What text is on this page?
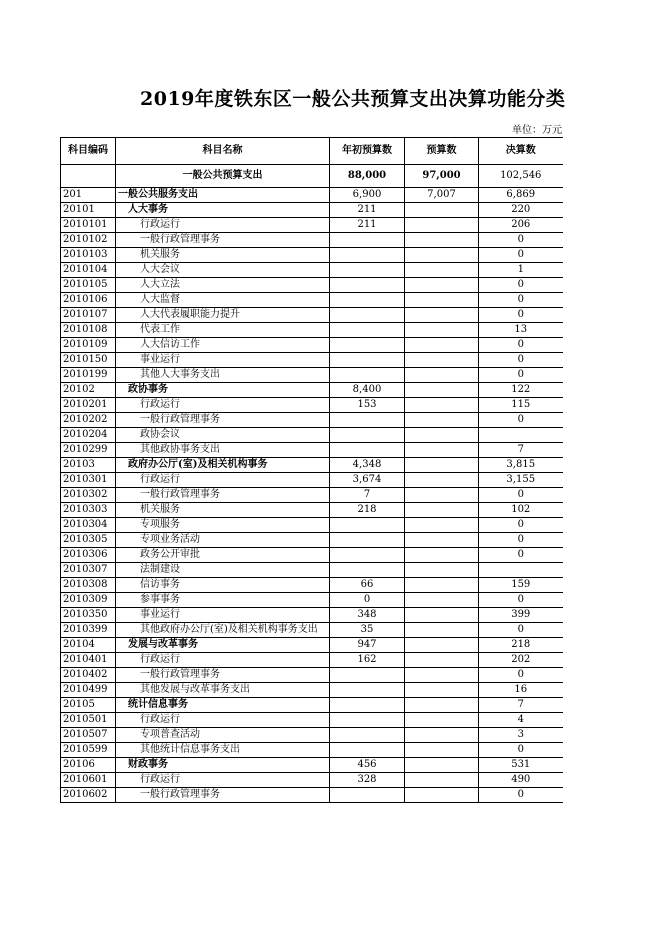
2019年度铁东区一般公共预算支出决算功能分类
单位：万元
科目编码	科目名称	年初预算数	预算数	决算数
	一般公共预算支出	88,000	97,000	102,546
201	一般公共服务支出	6,900	7,007	6,869
20101	人大事务	211		220
2010101	行政运行	211		206
2010102	一般行政管理事务			0
2010103	机关服务			0
2010104	人大会议			1
2010105	人大立法			0
2010106	人大监督			0
2010107	人大代表履职能力提升			0
2010108	代表工作			13
2010109	人大信访工作			0
2010150	事业运行			0
2010199	其他人大事务支出			0
20102	政协事务	8,400		122
2010201	行政运行	153		115
2010202	一般行政管理事务			0
2010204	政协会议			
2010299	其他政协事务支出			7
20103	政府办公厅(室)及相关机构事务	4,348		3,815
2010301	行政运行	3,674		3,155
2010302	一般行政管理事务	7		0
2010303	机关服务	218		102
2010304	专项服务			0
2010305	专项业务活动			0
2010306	政务公开审批			0
2010307	法制建设			
2010308	信访事务	66		159
2010309	参事事务	0		0
2010350	事业运行	348		399
2010399	其他政府办公厅(室)及相关机构事务支出	35		0
20104	发展与改革事务	947		218
2010401	行政运行	162		202
2010402	一般行政管理事务			0
2010499	其他发展与改革事务支出			16
20105	统计信息事务			7
2010501	行政运行			4
2010507	专项普查活动			3
2010599	其他统计信息事务支出			0
20106	财政事务	456		531
2010601	行政运行	328		490
2010602	一般行政管理事务			0
